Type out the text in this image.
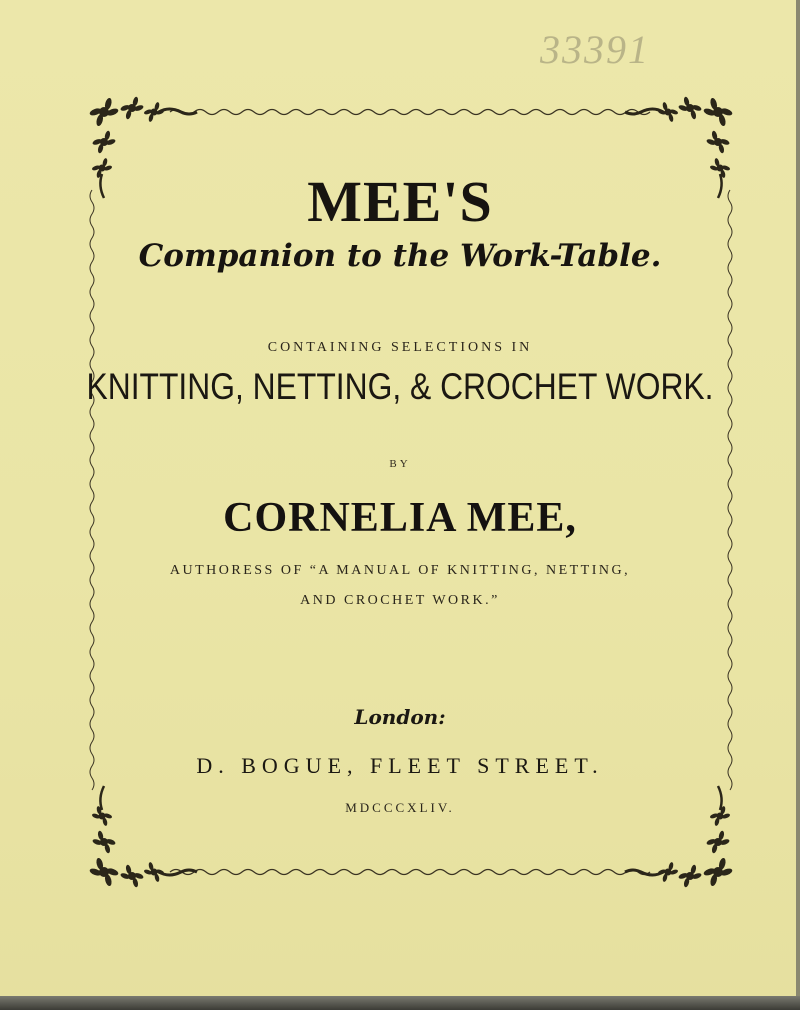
33391
MEE'S
Companion to the Work-Table.
CONTAINING SELECTIONS IN
KNITTING, NETTING, & CROCHET WORK.
BY
CORNELIA MEE,
AUTHORESS OF “A MANUAL OF KNITTING, NETTING,
AND CROCHET WORK.”
London:
D. BOGUE, FLEET STREET.
MDCCCXLIV.
